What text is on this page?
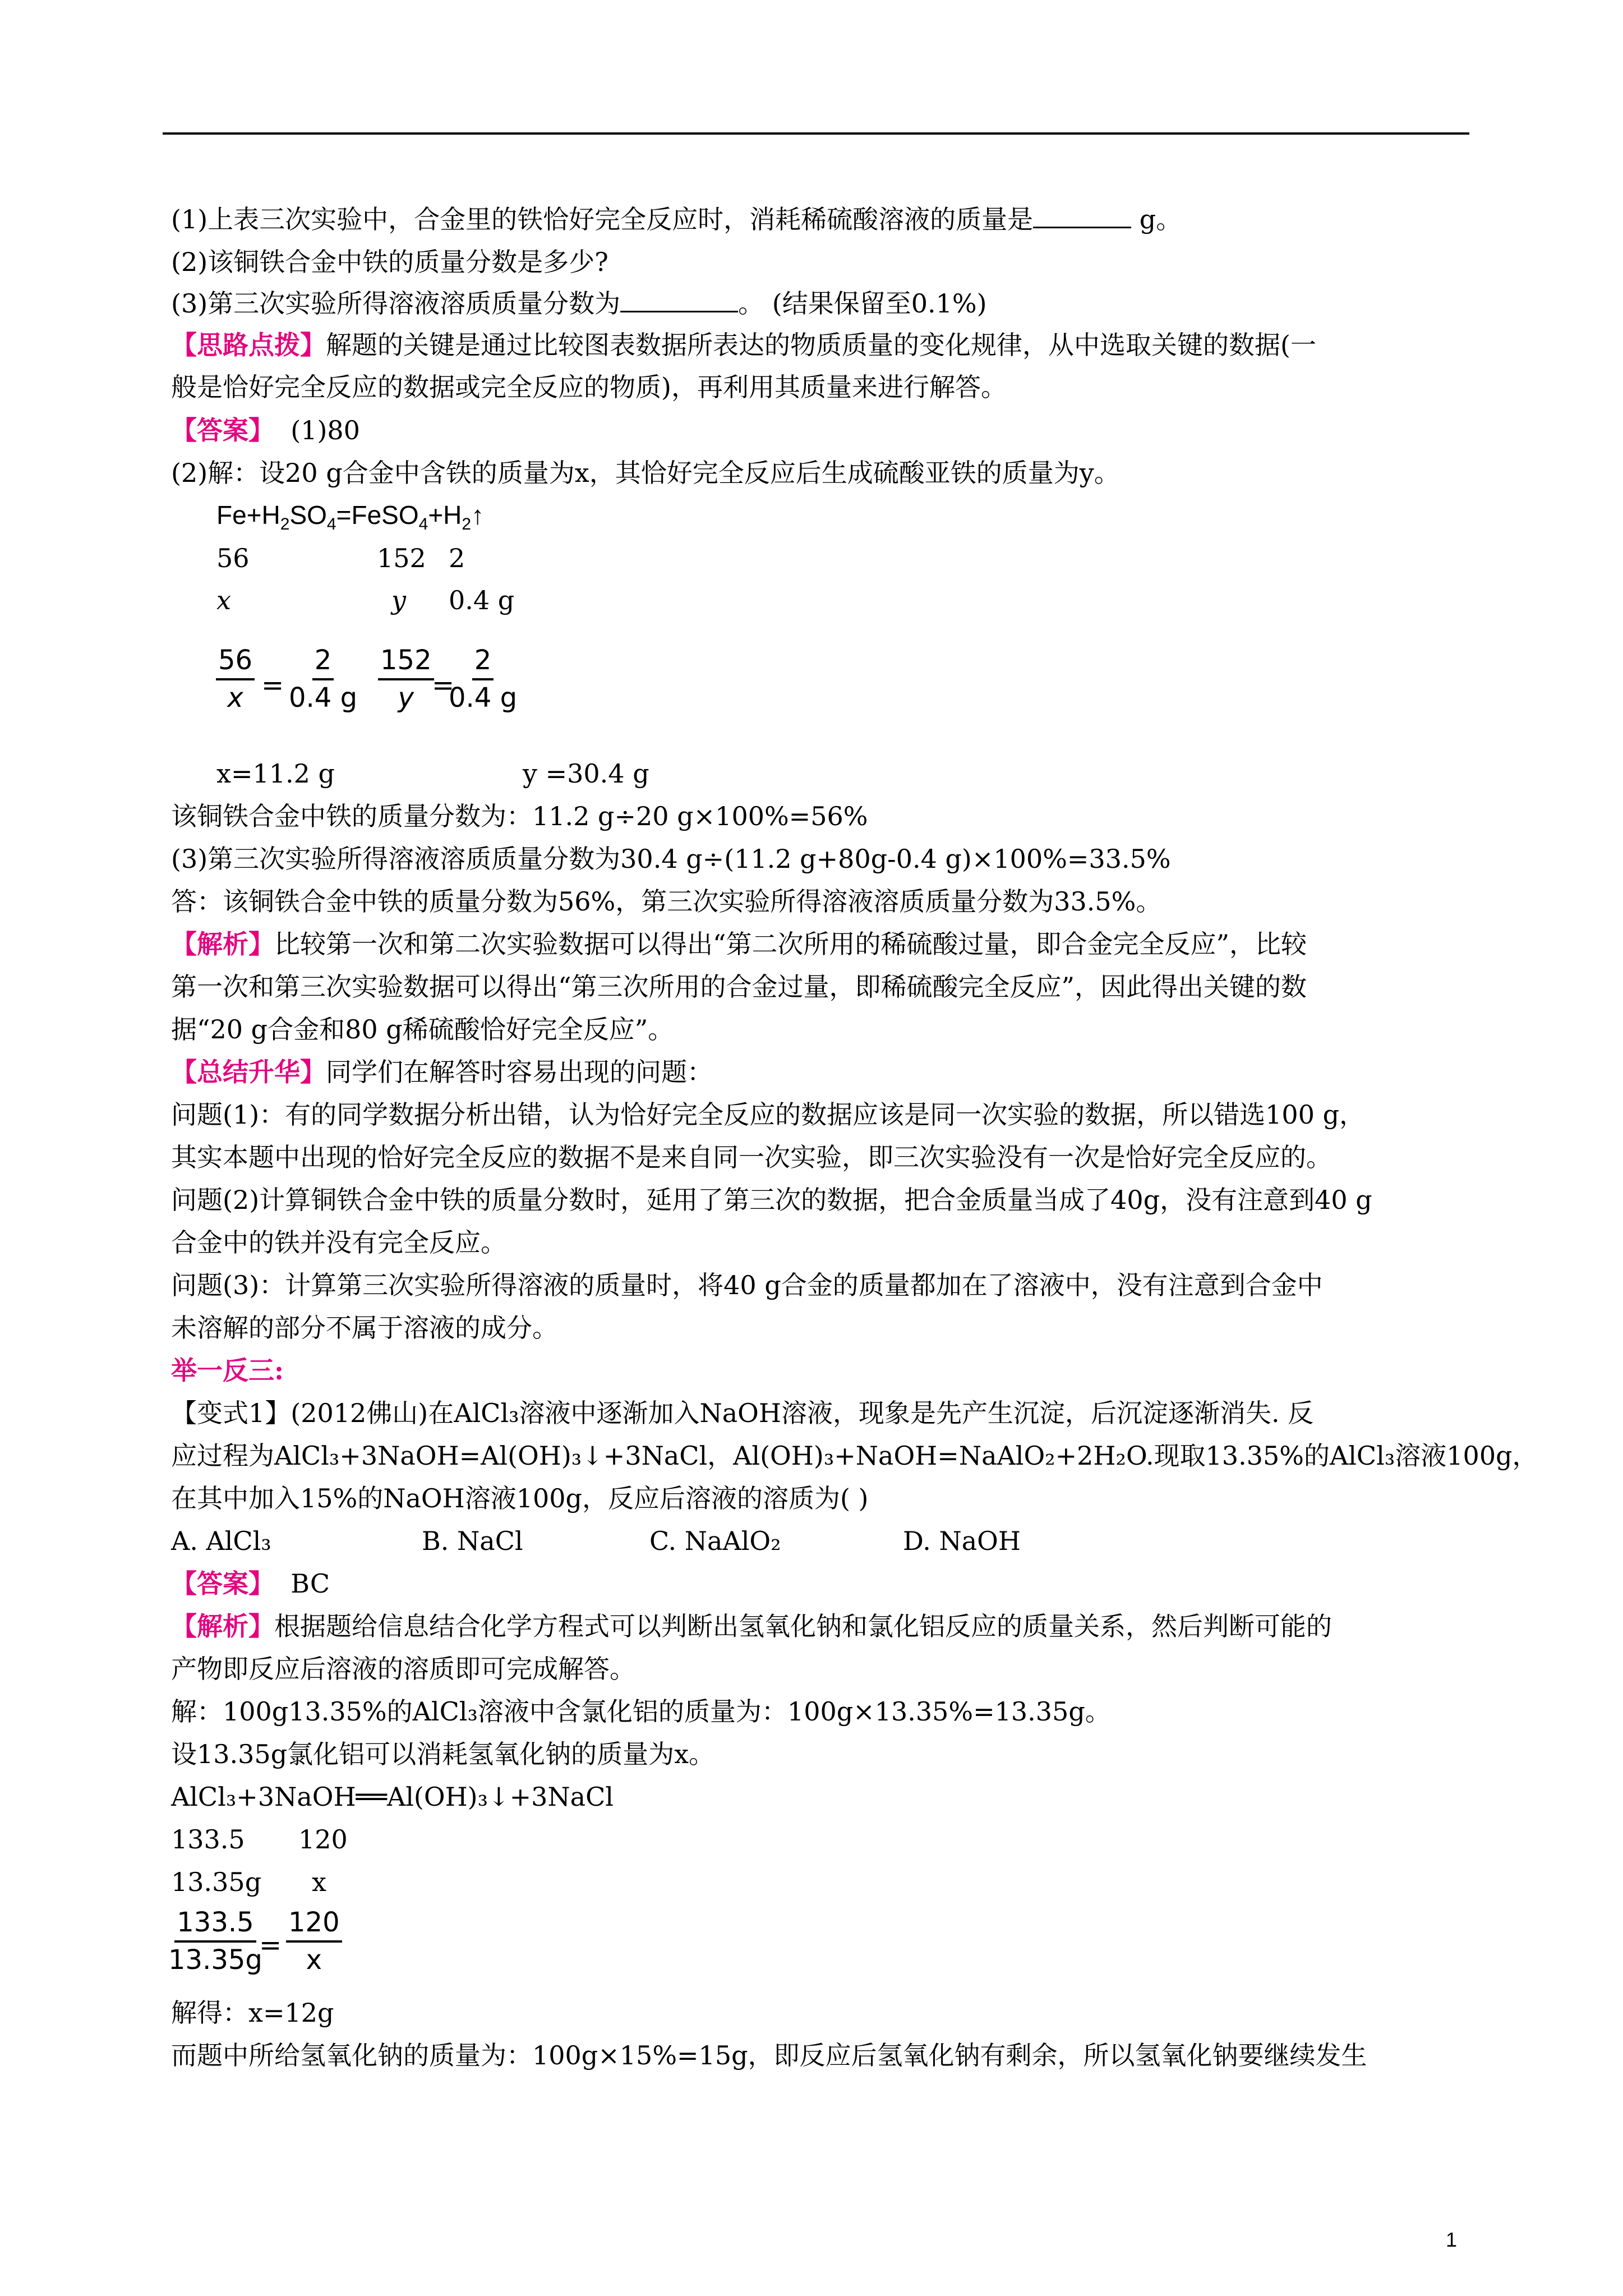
(1)上表三次实验中，合金里的铁恰好完全反应时，消耗稀硫酸溶液的质量是	g。
(2)该铜铁合金中铁的质量分数是多少?
(3)第三次实验所得溶液溶质质量分数为	。 (结果保留至0.1%)
【思路点拨】解题的关键是通过比较图表数据所表达的物质质量的变化规律，从中选取关键的数据(一
般是恰好完全反应的数据或完全反应的物质)，再利用其质量来进行解答。
【答案】 (1)80
(2)解：设20 g合金中含铁的质量为x，其恰好完全反应后生成硫酸亚铁的质量为y。
$Fe+H_2SO_4=FeSO_4+H_2↑$
56	152 2
x	y 0.4 g
56
x =
2
0.4 g
152
y =
2
0.4 g
x=11.2 g	y =30.4 g
该铜铁合金中铁的质量分数为：11.2 g÷20 g×100%=56%
(3)第三次实验所得溶液溶质质量分数为30.4 g÷(11.2 g+80g-0.4 g)×100%=33.5%
答：该铜铁合金中铁的质量分数为56%，第三次实验所得溶液溶质质量分数为33.5%。
【解析】比较第一次和第二次实验数据可以得出“第二次所用的稀硫酸过量，即合金完全反应”，比较
第一次和第三次实验数据可以得出“第三次所用的合金过量，即稀硫酸完全反应”，因此得出关键的数
据“20 g合金和80 g稀硫酸恰好完全反应”。
【总结升华】同学们在解答时容易出现的问题：
问题(1)：有的同学数据分析出错，认为恰好完全反应的数据应该是同一次实验的数据，所以错选100 g，
其实本题中出现的恰好完全反应的数据不是来自同一次实验，即三次实验没有一次是恰好完全反应的。
问题(2)计算铜铁合金中铁的质量分数时，延用了第三次的数据，把合金质量当成了40g，没有注意到40 g
合金中的铁并没有完全反应。
问题(3)：计算第三次实验所得溶液的质量时，将40 g合金的质量都加在了溶液中，没有注意到合金中
未溶解的部分不属于溶液的成分。
举一反三:
【变式1】(2012佛山)在AlCl₃溶液中逐渐加入NaOH溶液，现象是先产生沉淀，后沉淀逐渐消失. 反
应过程为AlCl₃+3NaOH=Al(OH)₃↓+3NaCl，Al(OH)₃+NaOH=NaAlO₂+2H₂O.现取13.35%的AlCl₃溶液100g，
在其中加入15%的NaOH溶液100g，反应后溶液的溶质为( )
A. AlCl₃	B. NaCl	C. NaAlO₂	D. NaOH
【答案】 BC
【解析】根据题给信息结合化学方程式可以判断出氢氧化钠和氯化铝反应的质量关系，然后判断可能的
产物即反应后溶液的溶质即可完成解答。
解：100g13.35%的AlCl₃溶液中含氯化铝的质量为：100g×13.35%=13.35g。
设13.35g氯化铝可以消耗氢氧化钠的质量为x。
AlCl₃+3NaOH══Al(OH)₃↓+3NaCl
133.5 120
13.35g x
133.5
13.35g
=
120
x
解得：x=12g
而题中所给氢氧化钠的质量为：100g×15%=15g，即反应后氢氧化钠有剩余，所以氢氧化钠要继续发生
1
